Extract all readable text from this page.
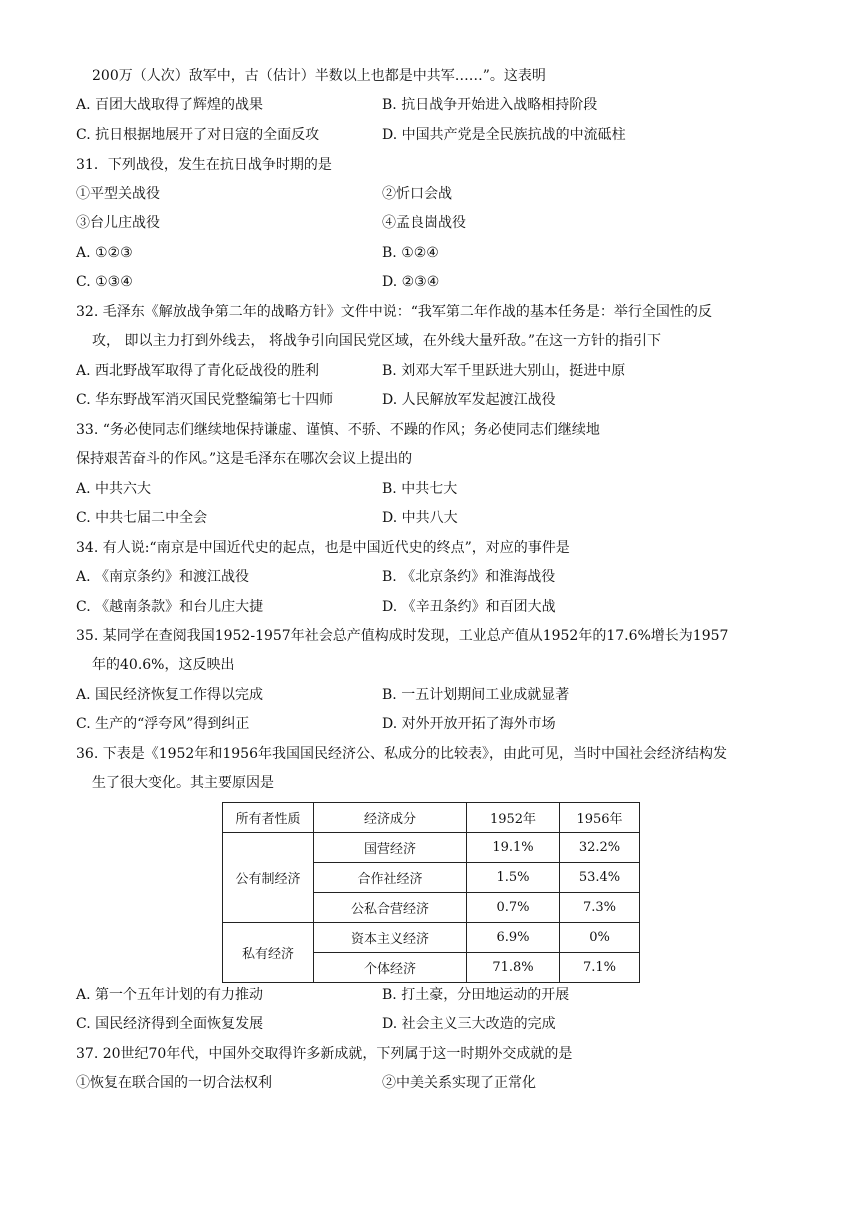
200万（人次）敌军中，古（估计）半数以上也都是中共军……”。这表明
A. 百团大战取得了辉煌的战果	B. 抗日战争开始进入战略相持阶段
C. 抗日根据地展开了对日寇的全面反攻	D. 中国共产党是全民族抗战的中流砥柱
31．下列战役，发生在抗日战争时期的是
①平型关战役	②忻口会战
③台儿庄战役	④孟良崮战役
A. ①②③	B. ①②④
C. ①③④	D. ②③④
32. 毛泽东《解放战争第二年的战略方针》文件中说：“我军第二年作战的基本任务是：举行全国性的反
攻， 即以主力打到外线去， 将战争引向国民党区域，在外线大量歼敌。”在这一方针的指引下
A. 西北野战军取得了青化砭战役的胜利	B. 刘邓大军千里跃进大别山，挺进中原
C. 华东野战军消灭国民党整编第七十四师	D. 人民解放军发起渡江战役
33. “务必使同志们继续地保持谦虚、谨慎、不骄、不躁的作风；务必使同志们继续地
保持艰苦奋斗的作风。”这是毛泽东在哪次会议上提出的
A. 中共六大	B. 中共七大
C. 中共七届二中全会	D. 中共八大
34. 有人说:“南京是中国近代史的起点，也是中国近代史的终点”，对应的事件是
A. 《南京条约》和渡江战役	B. 《北京条约》和淮海战役
C. 《越南条款》和台儿庄大捷	D. 《辛丑条约》和百团大战
35. 某同学在查阅我国1952-1957年社会总产值构成时发现，工业总产值从1952年的17.6%增长为1957
年的40.6%，这反映出
A. 国民经济恢复工作得以完成	B. 一五计划期间工业成就显著
C. 生产的“浮夸风”得到纠正	D. 对外开放开拓了海外市场
36. 下表是《1952年和1956年我国国民经济公、私成分的比较表》，由此可见，当时中国社会经济结构发
生了很大变化。其主要原因是
所有者性质	经济成分	1952年	1956年
公有制经济	国营经济	19.1%	32.2%
	合作社经济	1.5%	53.4%
	公私合营经济	0.7%	7.3%
私有经济	资本主义经济	6.9%	0%
	个体经济	71.8%	7.1%
A. 第一个五年计划的有力推动	B. 打土豪，分田地运动的开展
C. 国民经济得到全面恢复发展	D. 社会主义三大改造的完成
37. 20世纪70年代，中国外交取得许多新成就，下列属于这一时期外交成就的是
①恢复在联合国的一切合法权利	②中美关系实现了正常化
